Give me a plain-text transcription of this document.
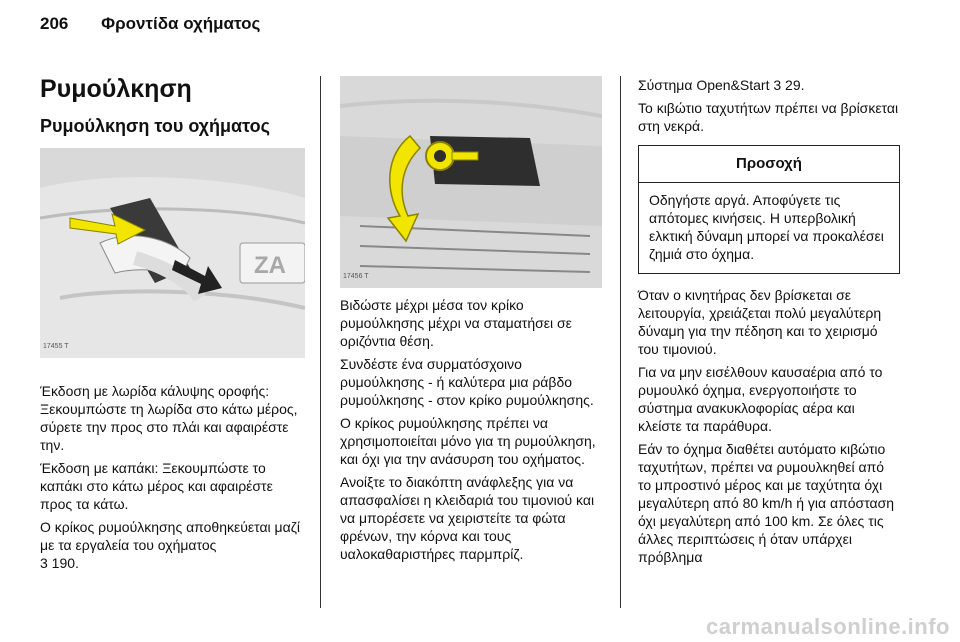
206 Φροντίδα οχήματος
Ρυμούλκηση
Ρυμούλκηση του οχήματος
ZA
17455 T

Έκδοση με λωρίδα κάλυψης οροφής: Ξεκουμπώστε τη λωρίδα στο κάτω μέρος, σύρετε την προς στο πλάι και αφαιρέστε την.

Έκδοση με καπάκι: Ξεκουμπώστε το καπάκι στο κάτω μέρος και αφαιρέστε προς τα κάτω.

Ο κρίκος ρυμούλκησης αποθηκεύεται μαζί με τα εργαλεία του οχήματος

3 190.

17456 T

Βιδώστε μέχρι μέσα τον κρίκο ρυμούλκησης μέχρι να σταματήσει σε οριζόντια θέση.

Συνδέστε ένα συρματόσχοινο ρυμούλκησης - ή καλύτερα μια ράβδο ρυμούλκησης - στον κρίκο ρυμούλκησης.

Ο κρίκος ρυμούλκησης πρέπει να χρησιμοποιείται μόνο για τη ρυμούλκηση, και όχι για την ανάσυρση του οχήματος.

Ανοίξτε το διακόπτη ανάφλεξης για να απασφαλίσει η κλειδαριά του τιμονιού και να μπορέσετε να χειριστείτε τα φώτα φρένων, την κόρνα και τους υαλοκαθαριστήρες παρμπρίζ.

Σύστημα Open&Start 3 29.

Το κιβώτιο ταχυτήτων πρέπει να βρίσκεται στη νεκρά.

Προσοχή
Οδηγήστε αργά. Αποφύγετε τις απότομες κινήσεις. Η υπερβολική ελκτική δύναμη μπορεί να προκαλέσει ζημιά στο όχημα.

Όταν ο κινητήρας δεν βρίσκεται σε λειτουργία, χρειάζεται πολύ μεγαλύτερη δύναμη για την πέδηση και το χειρισμό του τιμονιού.

Για να μην εισέλθουν καυσαέρια από το ρυμουλκό όχημα, ενεργοποιήστε το σύστημα ανακυκλοφορίας αέρα και κλείστε τα παράθυρα.

Εάν το όχημα διαθέτει αυτόματο κιβώτιο ταχυτήτων, πρέπει να ρυμουλκηθεί από το μπροστινό μέρος και με ταχύτητα όχι μεγαλύτερη από 80 km/h ή για απόσταση όχι μεγαλύτερη από 100 km. Σε όλες τις άλλες περιπτώσεις ή όταν υπάρχει πρόβλημα

carmanualsonline.info
